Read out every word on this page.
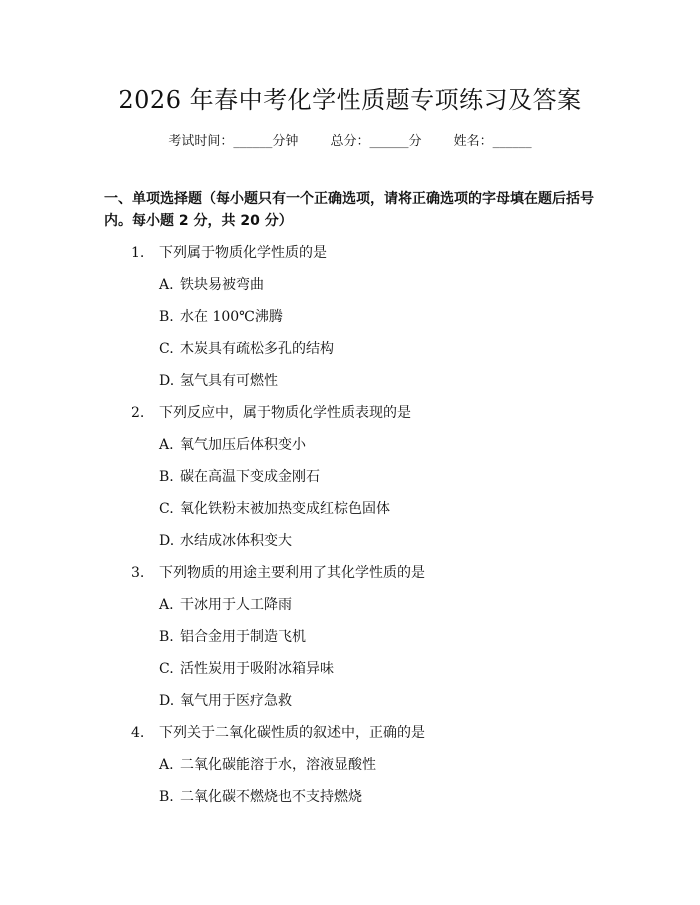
2026 年春中考化学性质题专项练习及答案
考试时间：______分钟 总分：______分 姓名：______
一、单项选择题（每小题只有一个正确选项，请将正确选项的字母填在题后括号内。每小题 2 分，共 20 分）
1. 下列属于物质化学性质的是
A. 铁块易被弯曲
B. 水在 100℃沸腾
C. 木炭具有疏松多孔的结构
D. 氢气具有可燃性
2. 下列反应中，属于物质化学性质表现的是
A. 氧气加压后体积变小
B. 碳在高温下变成金刚石
C. 氧化铁粉末被加热变成红棕色固体
D. 水结成冰体积变大
3. 下列物质的用途主要利用了其化学性质的是
A. 干冰用于人工降雨
B. 铝合金用于制造飞机
C. 活性炭用于吸附冰箱异味
D. 氧气用于医疗急救
4. 下列关于二氧化碳性质的叙述中，正确的是
A. 二氧化碳能溶于水，溶液显酸性
B. 二氧化碳不燃烧也不支持燃烧
